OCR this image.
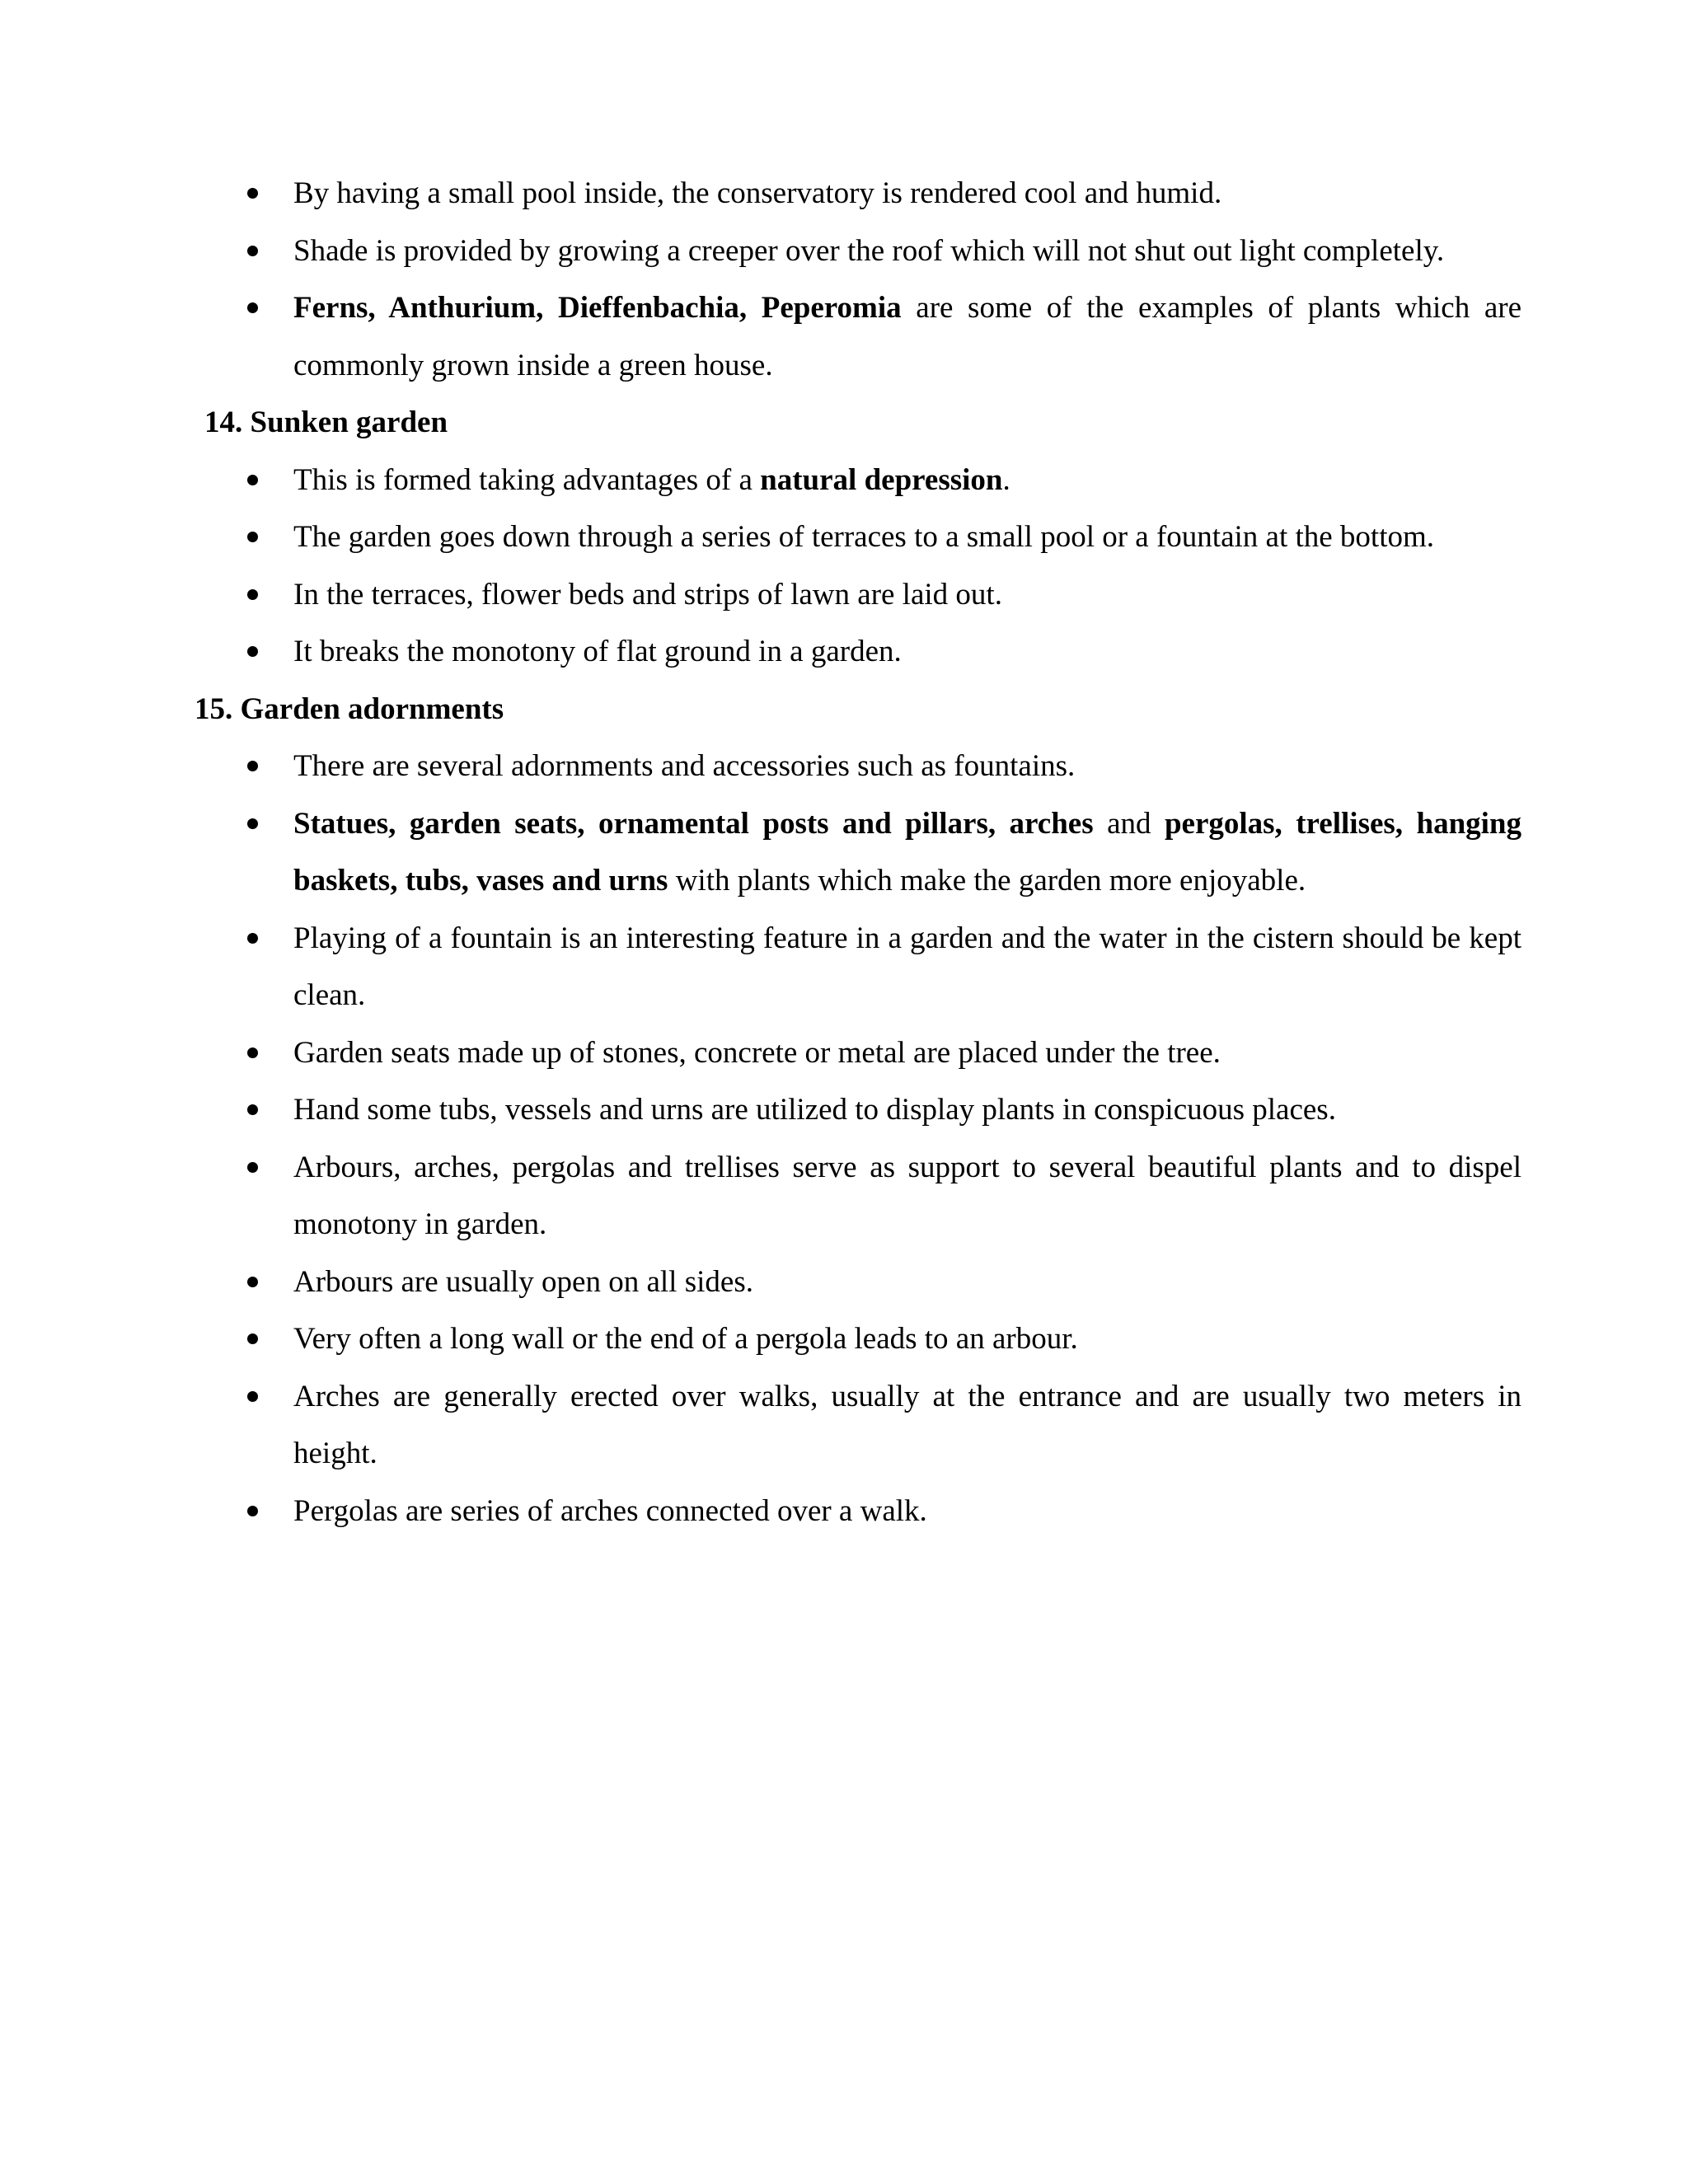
By having a small pool inside, the conservatory is rendered cool and humid.
Shade is provided by growing a creeper over the roof which will not shut out light completely.
Ferns, Anthurium, Dieffenbachia, Peperomia are some of the examples of plants which are commonly grown inside a green house.
14. Sunken garden
This is formed taking advantages of a natural depression.
The garden goes down through a series of terraces to a small pool or a fountain at the bottom.
In the terraces, flower beds and strips of lawn are laid out.
It breaks the monotony of flat ground in a garden.
15. Garden adornments
There are several adornments and accessories such as fountains.
Statues, garden seats, ornamental posts and pillars, arches and pergolas, trellises, hanging baskets, tubs, vases and urns with plants which make the garden more enjoyable.
Playing of a fountain is an interesting feature in a garden and the water in the cistern should be kept clean.
Garden seats made up of stones, concrete or metal are placed under the tree.
Hand some tubs, vessels and urns are utilized to display plants in conspicuous places.
Arbours, arches, pergolas and trellises serve as support to several beautiful plants and to dispel monotony in garden.
Arbours are usually open on all sides.
Very often a long wall or the end of a pergola leads to an arbour.
Arches are generally erected over walks, usually at the entrance and are usually two meters in height.
Pergolas are series of arches connected over a walk.
